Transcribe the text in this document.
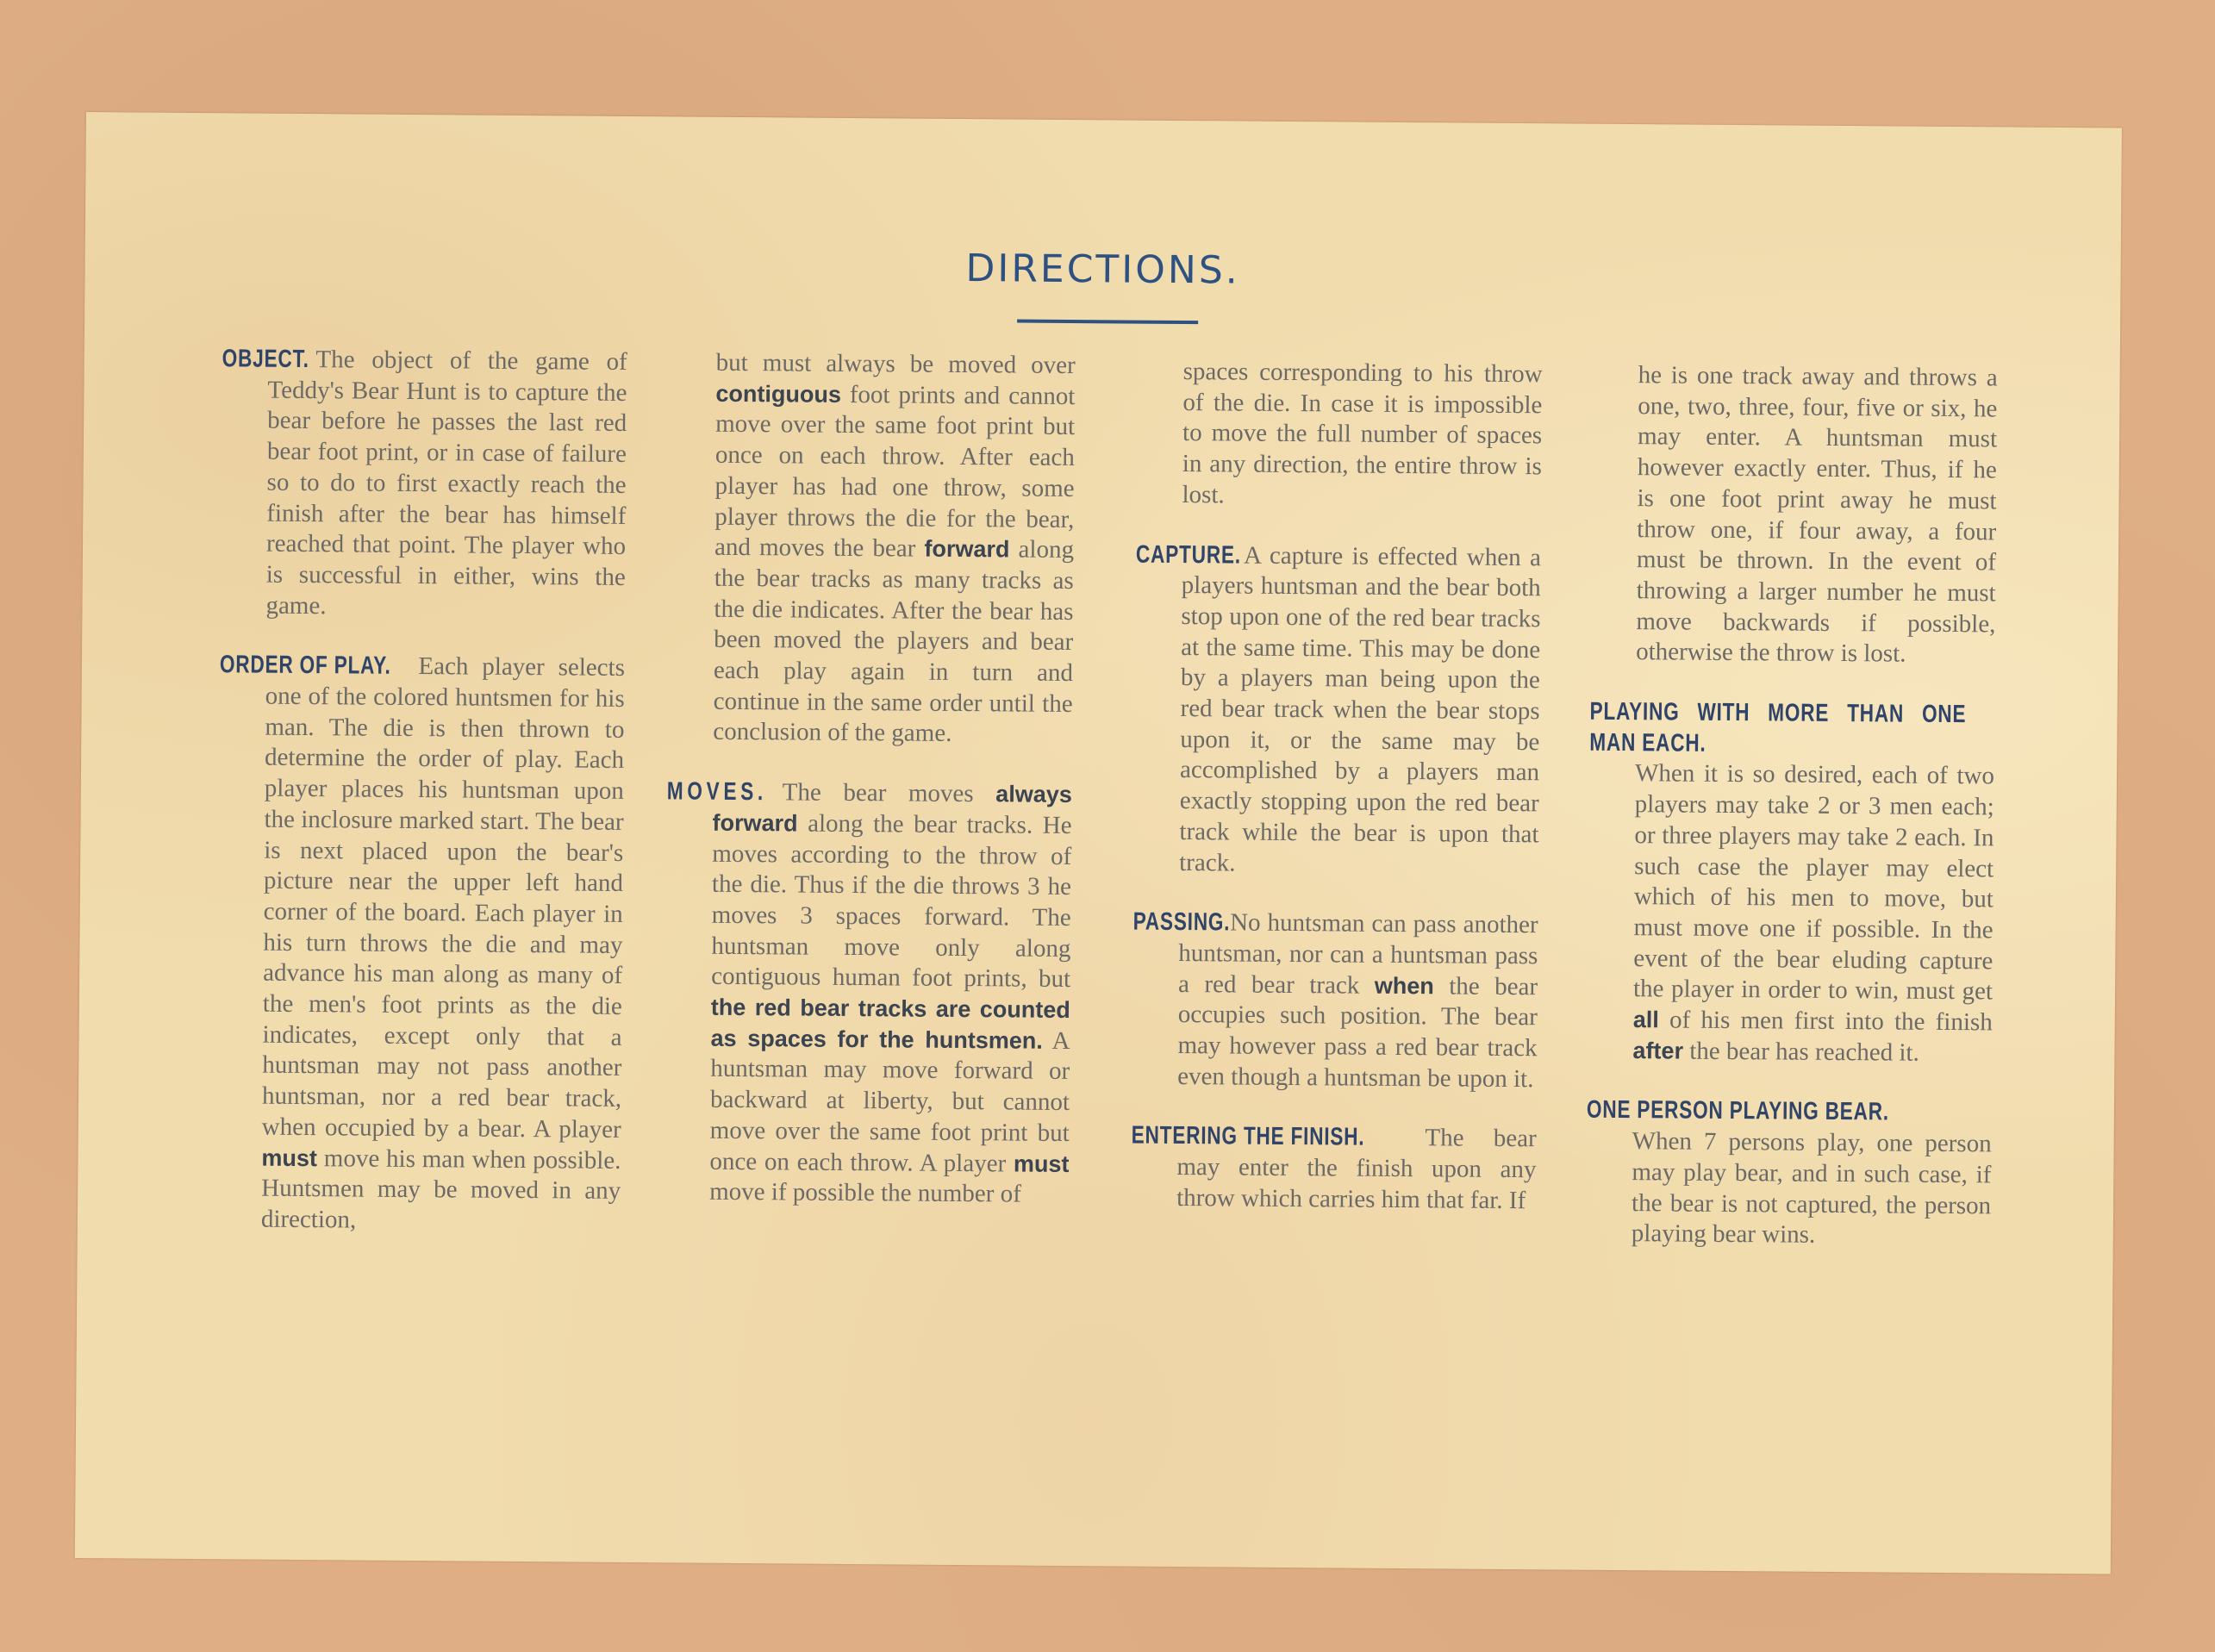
DIRECTIONS.

OBJECT. The object of the game of Teddy's Bear Hunt is to capture the bear before he passes the last red bear foot print, or in case of failure so to do to first exactly reach the finish after the bear has himself reached that point. The player who is successful in either, wins the game.

ORDER OF PLAY. Each player selects one of the colored huntsmen for his man. The die is then thrown to determine the order of play. Each player places his huntsman upon the inclosure marked start. The bear is next placed upon the bear's picture near the upper left hand corner of the board. Each player in his turn throws the die and may advance his man along as many of the men's foot prints as the die indicates, except only that a huntsman may not pass another huntsman, nor a red bear track, when occupied by a bear. A player must move his man when possible. Huntsmen may be moved in any direction,

but must always be moved over contiguous foot prints and cannot move over the same foot print but once on each throw. After each player has had one throw, some player throws the die for the bear, and moves the bear forward along the bear tracks as many tracks as the die indicates. After the bear has been moved the players and bear each play again in turn and continue in the same order until the conclusion of the game.

MOVES. The bear moves always forward along the bear tracks. He moves according to the throw of the die. Thus if the die throws 3 he moves 3 spaces forward. The huntsman move only along contiguous human foot prints, but the red bear tracks are counted as spaces for the huntsmen. A huntsman may move forward or backward at liberty, but cannot move over the same foot print but once on each throw. A player must move if possible the number of

spaces corresponding to his throw of the die. In case it is impossible to move the full number of spaces in any direction, the entire throw is lost.

CAPTURE. A capture is effected when a players huntsman and the bear both stop upon one of the red bear tracks at the same time. This may be done by a players man being upon the red bear track when the bear stops upon it, or the same may be accomplished by a players man exactly stopping upon the red bear track while the bear is upon that track.

PASSING. No huntsman can pass another huntsman, nor can a huntsman pass a red bear track when the bear occupies such position. The bear may however pass a red bear track even though a huntsman be upon it.

ENTERING THE FINISH. The bear may enter the finish upon any throw which carries him that far. If

he is one track away and throws a one, two, three, four, five or six, he may enter. A huntsman must however exactly enter. Thus, if he is one foot print away he must throw one, if four away, a four must be thrown. In the event of throwing a larger number he must move backwards if possible, otherwise the throw is lost.

PLAYING WITH MORE THAN ONE MAN EACH. When it is so desired, each of two players may take 2 or 3 men each; or three players may take 2 each. In such case the player may elect which of his men to move, but must move one if possible. In the event of the bear eluding capture the player in order to win, must get all of his men first into the finish after the bear has reached it.

ONE PERSON PLAYING BEAR. When 7 persons play, one person may play bear, and in such case, if the bear is not captured, the person playing bear wins.
